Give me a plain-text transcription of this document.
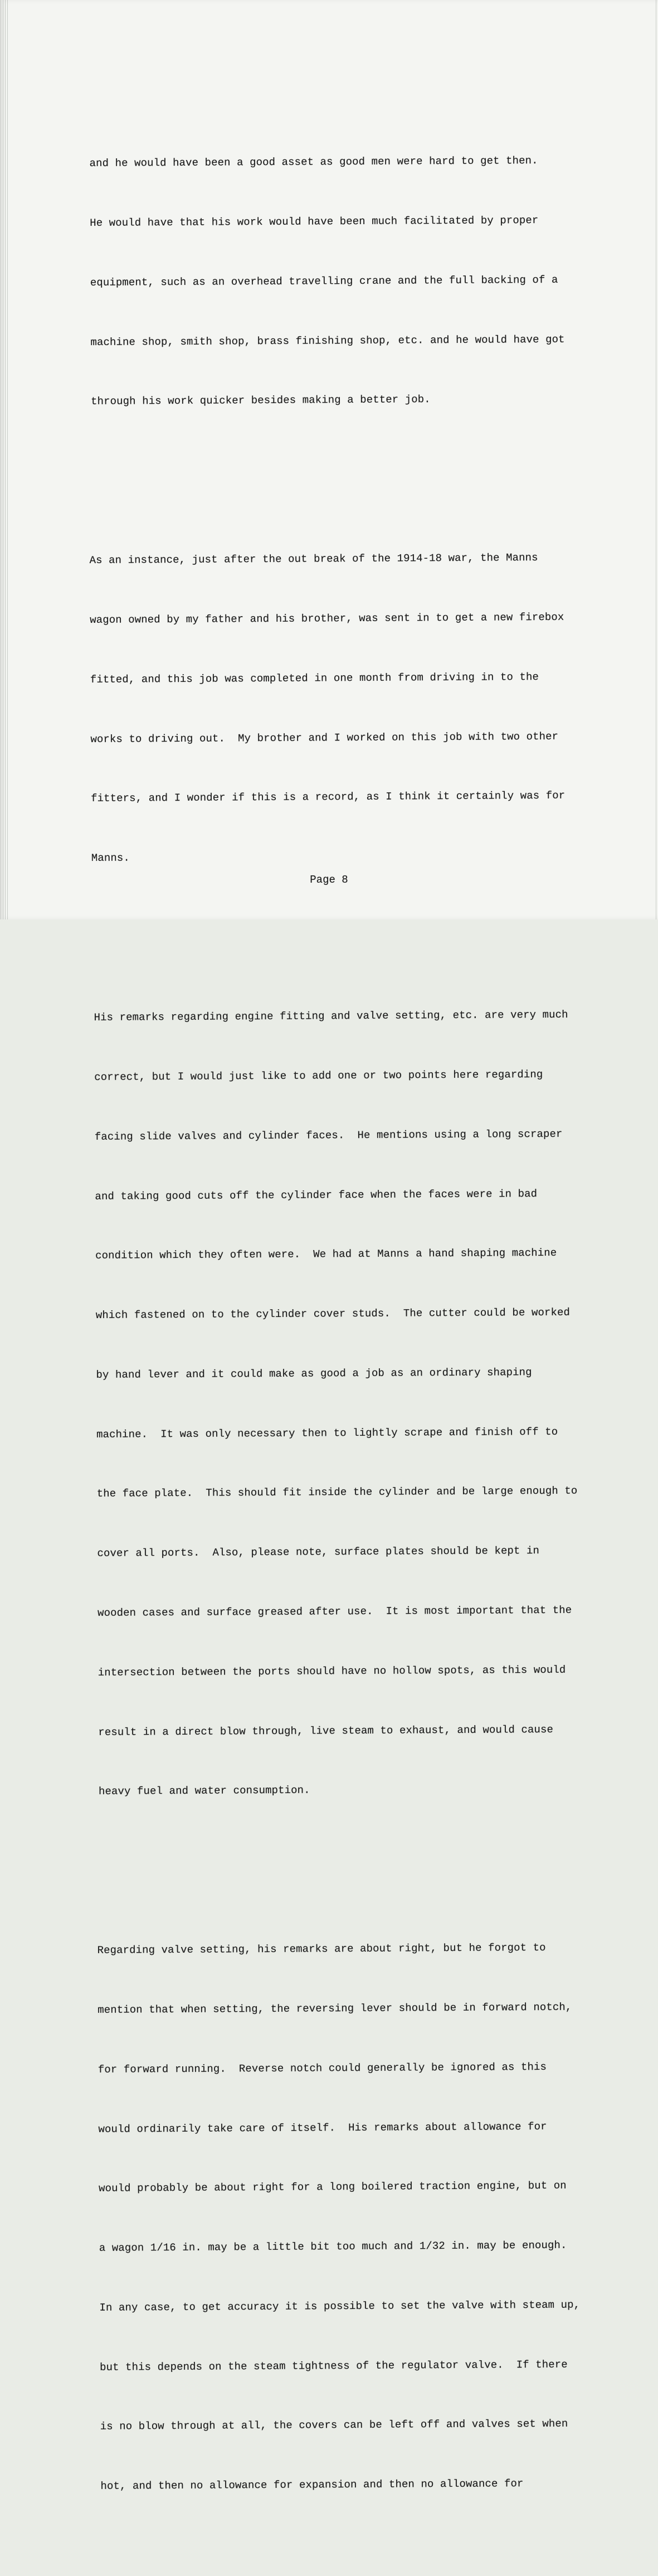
and he would have been a good asset as good men were hard to get then.

He would have that his work would have been much facilitated by proper

equipment, such as an overhead travelling crane and the full backing of a

machine shop, smith shop, brass finishing shop, etc. and he would have got

through his work quicker besides making a better job.

As an instance, just after the out break of the 1914-18 war, the Manns

wagon owned by my father and his brother, was sent in to get a new firebox

fitted, and this job was completed in one month from driving in to the

works to driving out.  My brother and I worked on this job with two other

fitters, and I wonder if this is a record, as I think it certainly was for

Manns.

His remarks regarding engine fitting and valve setting, etc. are very much

correct, but I would just like to add one or two points here regarding

facing slide valves and cylinder faces.  He mentions using a long scraper

and taking good cuts off the cylinder face when the faces were in bad

condition which they often were.  We had at Manns a hand shaping machine

which fastened on to the cylinder cover studs.  The cutter could be worked

by hand lever and it could make as good a job as an ordinary shaping

machine.  It was only necessary then to lightly scrape and finish off to

the face plate.  This should fit inside the cylinder and be large enough to

cover all ports.  Also, please note, surface plates should be kept in

wooden cases and surface greased after use.  It is most important that the

intersection between the ports should have no hollow spots, as this would

result in a direct blow through, live steam to exhaust, and would cause

heavy fuel and water consumption.

Regarding valve setting, his remarks are about right, but he forgot to

mention that when setting, the reversing lever should be in forward notch,

for forward running.  Reverse notch could generally be ignored as this

would ordinarily take care of itself.  His remarks about allowance for

would probably be about right for a long boilered traction engine, but on

a wagon 1/16 in. may be a little bit too much and 1/32 in. may be enough.

In any case, to get accuracy it is possible to set the valve with steam up,

but this depends on the steam tightness of the regulator valve.  If there

is no blow through at all, the covers can be left off and valves set when

hot, and then no allowance for expansion and then no allowance for

Page 8
